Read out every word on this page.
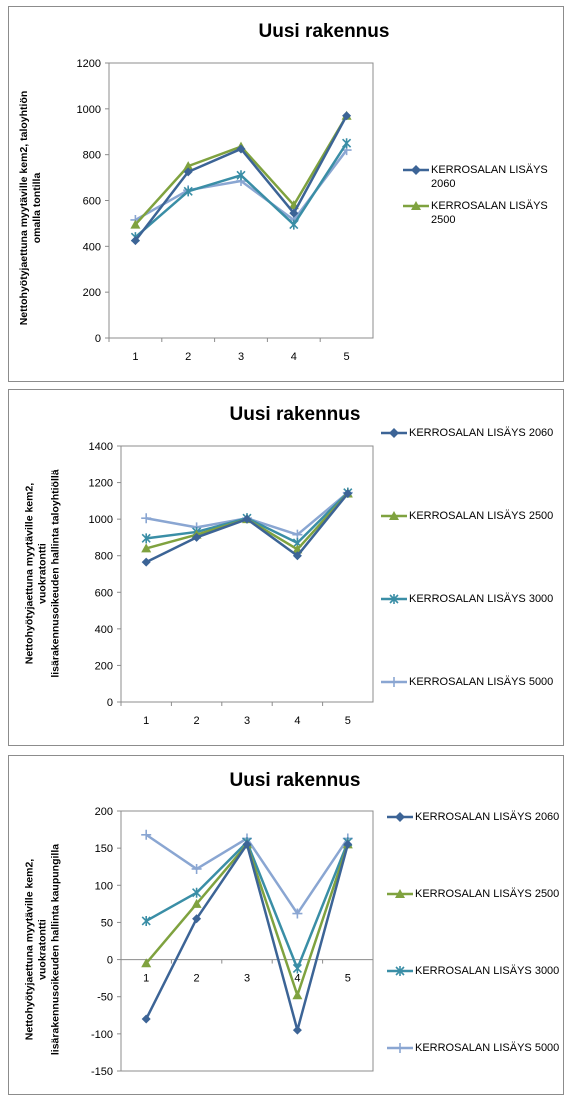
0
200
400
600
800
1000
1200
1	2	3	4	5
Uusi rakennus
Nettohyötyjaettuna myytäville kem2, taloyhtiön omalla tontilla
KERROSALAN LISÄYS 2060
KERROSALAN LISÄYS 2500
0
200
400
600
800
1000
1200
1400
1	2	3	4	5
Uusi rakennus
Nettohyötyjaettuna myytäville kem2, vuokratontti lisärakennusoikeuden hallinta taloyhtiöllä
KERROSALAN LISÄYS 2060
KERROSALAN LISÄYS 2500
KERROSALAN LISÄYS 3000
KERROSALAN LISÄYS 5000
-150
-100
-50
0
50
100
150
200
1	2	3	4	5
Uusi rakennus
Nettohyötyjaettuna myytäville kem2, vuokratontti lisärakennusoikeuden hallinta kaupungilla
KERROSALAN LISÄYS 2060
KERROSALAN LISÄYS 2500
KERROSALAN LISÄYS 3000
KERROSALAN LISÄYS 5000
